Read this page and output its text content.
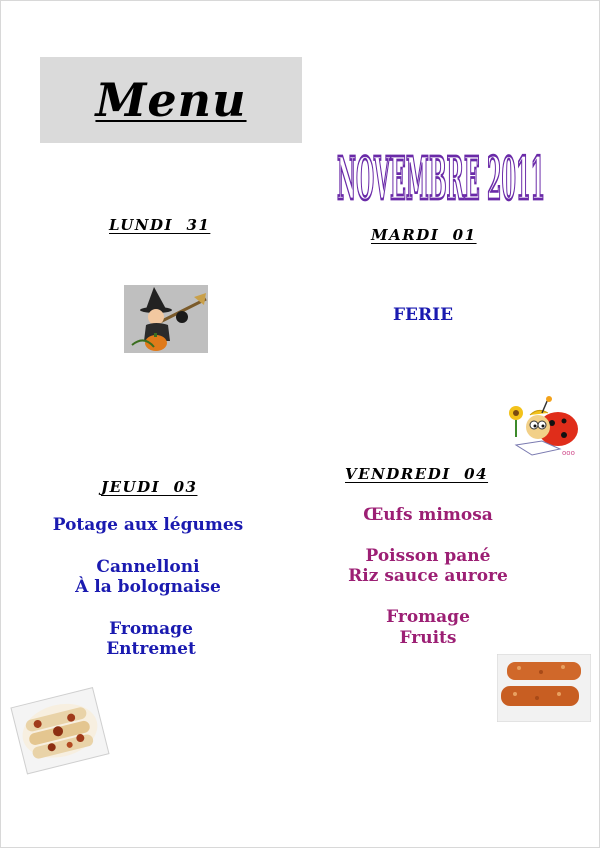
Menu
NOVEMBRE 2011
LUNDI  31
MARDI  01
FERIE
ooo
JEUDI  03
Potage aux légumes
Cannelloni
À la bolognaise
Fromage
Entremet
VENDREDI  04
Œufs mimosa
Poisson pané
Riz sauce aurore
Fromage
Fruits
